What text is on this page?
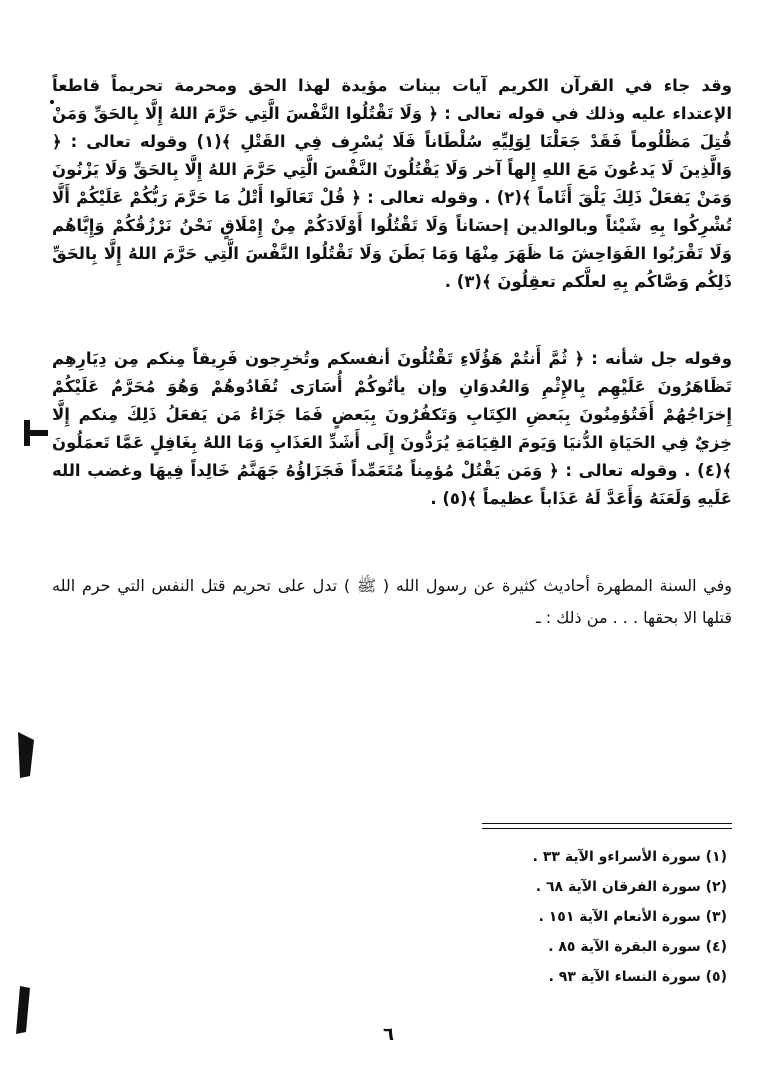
وقد جاء في القرآن الكريم آيات بينات مؤيدة لهذا الحق ومحرمة تحريماً قاطعاً الإعتداء عليه وذلك في قوله تعالى : ﴿ وَلَا تَقْتُلُوا النَّفْسَ الَّتِي حَرَّمَ اللهُ إِلَّا بِالحَقِّ وَمَنْ قُتِلَ مَظْلُوماً فَقَدْ جَعَلْنَا لِوَلِيِّهِ سُلْطَاناً فَلَا يُسْرِف فِي القَتْلِ ﴾(١) وقوله تعالى : ﴿ وَالَّذِينَ لَا يَدعُونَ مَعَ اللهِ إِلهاً آخر وَلَا يَقْتُلُونَ النَّفْسَ الَّتِي حَرَّمَ اللهُ إِلَّا بِالحَقِّ وَلَا يَزْنُونَ وَمَنْ يَفعَلْ ذَلِكَ يَلْقَ أَثَاماً ﴾(٢) . وقوله تعالى : ﴿ قُلْ تَعَالَوا أَتْلُ مَا حَرَّمَ رَبُّكُمْ عَلَيْكُمْ أَلَّا تُشْرِكُوا بِهِ شَيْئاً وبالوالدين إحسَاناً وَلَا تَقْتُلُوا أَوْلَادَكُمْ مِنْ إِمْلَاقٍ نَحْنُ نَرْزُقُكُمْ وَإِيَّاهُم وَلَا تَقْرَبُوا الفَوَاحِشَ مَا ظَهَرَ مِنْهَا وَمَا بَطَنَ وَلَا تَقْتُلُوا النَّفْسَ الَّتِي حَرَّمَ اللهُ إِلَّا بِالحَقِّ ذَلِكُم وَصَّاكُم بِهِ لعلَّكم تعقِلُونَ ﴾(٣) .

وقوله جل شأنه : ﴿ ثُمَّ أَنتُمْ هَؤُلَاءِ تَقْتُلُونَ أنفسكم وتُخرِجون فَرِيقاً مِنكم مِن دِيَارِهِم تَظَاهَرُونَ عَلَيْهِم بِالإِثْمِ وَالعُدوَانِ وإن يأتُوكُمْ أُسَارَى تُفَادُوهُمْ وَهُوَ مُحَرَّمٌ عَلَيْكُمْ إِخرَاجُهُمْ أَفَتُؤمِنُونَ بِبَعضِ الكِتَابِ وَتَكفُرُونَ بِبَعضٍ فَمَا جَزَاءُ مَن يَفعَلُ ذَلِكَ مِنكم إِلَّا خِزيٌ فِي الحَيَاةِ الدُّنيَا وَيَومَ القِيَامَةِ يُرَدُّونَ إِلَى أَشَدِّ العَذَابِ وَمَا اللهُ بِغَافِلٍ عَمَّا تَعمَلُونَ ﴾(٤) . وقوله تعالى : ﴿ وَمَن يَقْتُلْ مُؤمِناً مُتَعَمِّداً فَجَزَاؤُهُ جَهَنَّمُ خَالِداً فِيهَا وغضب الله عَلَيهِ وَلَعَنَهُ وَأَعَدَّ لَهُ عَذَاباً عظيماً ﴾(٥) .

وفي السنة المطهرة أحاديث كثيرة عن رسول الله ( ﷺ ) تدل على تحريم قتل النفس التي حرم الله قتلها الا بحقها . . . من ذلك : ـ

(١) سورة الأسراءو الآية ٣٣ .
(٢) سورة الفرقان الآية ٦٨ .
(٣) سورة الأنعام الآية ١٥١ .
(٤) سورة البقرة الآية ٨٥ .
(٥) سورة النساء الآية ٩٣ .
٦
